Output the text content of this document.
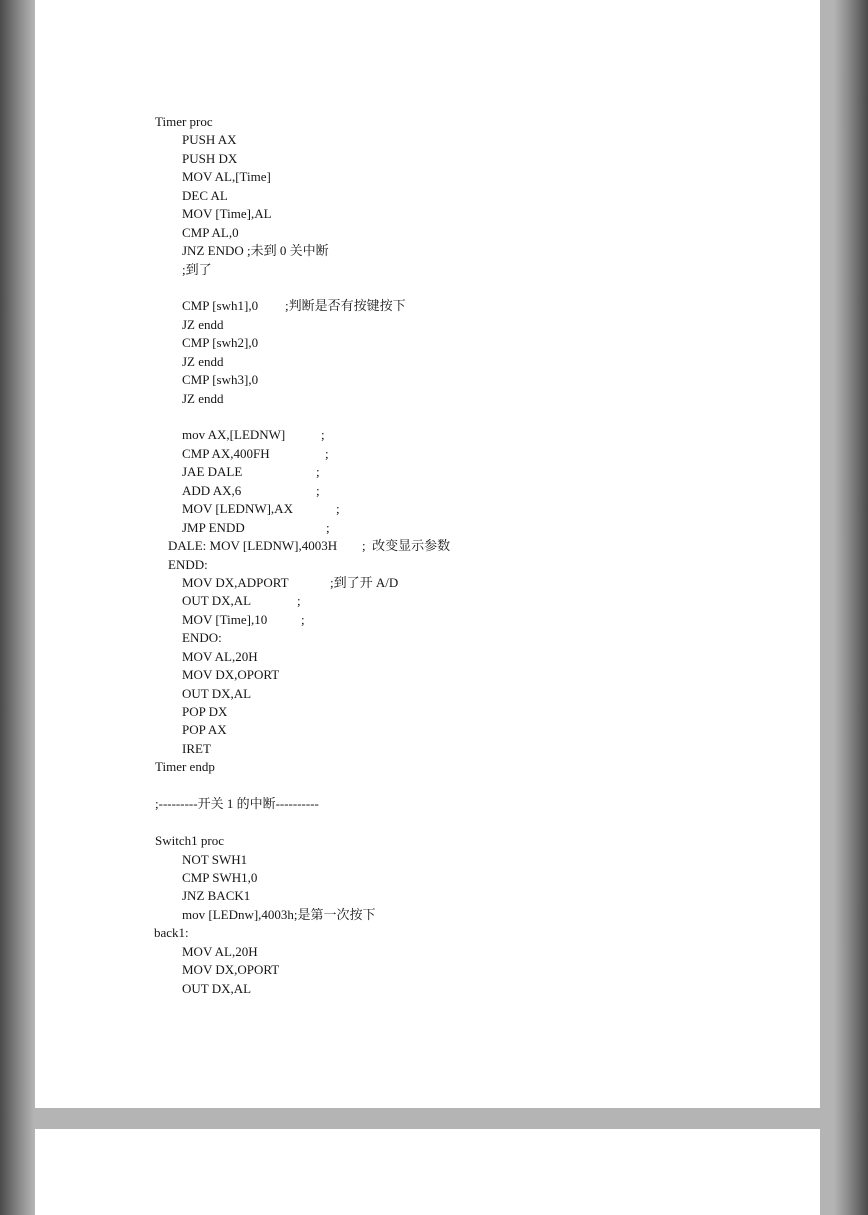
Timer proc
PUSH AX
PUSH DX
MOV AL,[Time]
DEC AL
MOV [Time],AL
CMP AL,0
JNZ ENDO ;未到 0 关中断
;到了
CMP [swh1],0 ;判断是否有按键按下
JZ endd
CMP [swh2],0
JZ endd
CMP [swh3],0
JZ endd
mov AX,[LEDNW]	;
CMP AX,400FH	;
JAE DALE	;
ADD AX,6	;
MOV [LEDNW],AX	;
JMP ENDD	;
DALE: MOV [LEDNW],4003H ;  改变显示参数
ENDD:
MOV DX,ADPORT	;到了开 A/D
OUT DX,AL	;
MOV [Time],10	;
ENDO:
MOV AL,20H
MOV DX,OPORT
OUT DX,AL
POP DX
POP AX
IRET
Timer endp
;---------开关 1 的中断----------
Switch1 proc
NOT SWH1
CMP SWH1,0
JNZ BACK1
mov [LEDnw],4003h;是第一次按下
back1:
MOV AL,20H
MOV DX,OPORT
OUT DX,AL
